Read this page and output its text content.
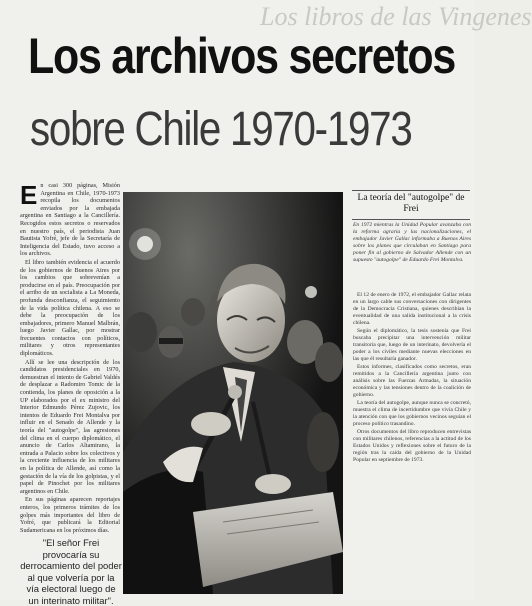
Los libros de las Vingenes
Los archivos secretos
sobre Chile 1970-1973
E n casi 300 páginas, Misión Argentina en Chile, 1970-1973 recopila los documentos enviados por la embajada argentina en Santiago a la Cancillería. Recogidos estos secretos o reservados en nuestro país, el periodista Juan Bautista Yofré, jefe de la Secretaría de Inteligencia del Estado, tuvo acceso a los archivos.

El libro también evidencia el acuerdo de los gobiernos de Buenos Aires por los cambios que sobrevenían a producirse en el país. Preocupación por el arribo de un socialista a La Moneda, profunda desconfianza, el seguimiento de la vida política chilena. A eso se debe la preocupación de los embajadores, primero Manuel Malbrán, luego Javier Gallac, por mostrar frecuentes contactos con políticos, militares y otros representantes diplomáticos.

Allí se lee una descripción de los candidatos presidenciales en 1970, demuestran el intento de Gabriel Valdés de desplazar a Radomiro Tomic de la contienda, los planes de oposición a la UP elaborados por el ex ministro del Interior Edmundo Pérez Zujovic, los intentos de Eduardo Frei Montalva por influir en el Senado de Allende y la teoría del "autogolpe", las agresiones del clima en el cuerpo diplomático, el anuncio de Carlos Altamirano, la entrada a Palacio sobre los colectivos y la creciente influencia de los militares en la política de Allende, así como la gestación de la vía de los golpistas, y el papel de Pinochet por los militares argentinos en Chile.

En sus páginas aparecen reportajes enteros, los primeros trámites de los golpes más importantes del libro de Yofré, que publicará la Editorial Sudamericana en los próximos días.

"El señor Frei provocaría su derrocamiento del poder al que volvería por la vía electoral luego de un interinato militar".
La teoría del "autogolpe" de Frei
En 1972 mientras la Unidad Popular avanzaba con la reforma agraria y las nacionalizaciones, el embajador Javier Gallac informaba a Buenos Aires sobre los planes que circulaban en Santiago para poner fin al gobierno de Salvador Allende con un supuesto "autogolpe" de Eduardo Frei Montalva.

El 12 de enero de 1972, el embajador Gallac relata en un largo cable sus conversaciones con dirigentes de la Democracia Cristiana, quienes describían la eventualidad de una salida institucional a la crisis chilena.

Según el diplomático, la tesis sostenía que Frei buscaba precipitar una intervención militar transitoria que, luego de un interinato, devolvería el poder a los civiles mediante nuevas elecciones en las que él resultaría ganador.

Estos informes, clasificados como secretos, eran remitidos a la Cancillería argentina junto con análisis sobre las Fuerzas Armadas, la situación económica y las tensiones dentro de la coalición de gobierno.

La teoría del autogolpe, aunque nunca se concretó, muestra el clima de incertidumbre que vivía Chile y la atención con que los gobiernos vecinos seguían el proceso político trasandino.

Otros documentos del libro reproducen entrevistas con militares chilenos, referencias a la actitud de los Estados Unidos y reflexiones sobre el futuro de la región tras la caída del gobierno de la Unidad Popular en septiembre de 1973.
